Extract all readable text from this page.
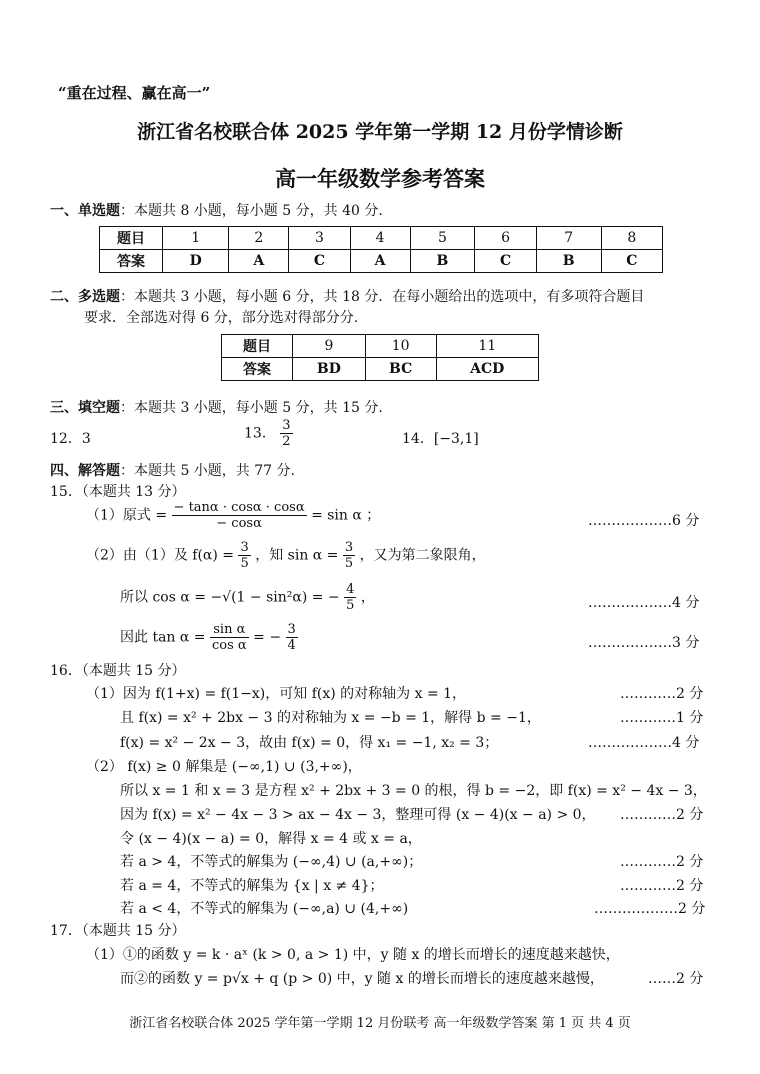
“重在过程、赢在高一”
浙江省名校联合体 2025 学年第一学期 12 月份学情诊断
高一年级数学参考答案
一、单选题：本题共 8 小题，每小题 5 分，共 40 分.
题目	1	2	3	4	5	6	7	8
答案	D	A	C	A	B	C	B	C
二、多选题：本题共 3 小题，每小题 6 分，共 18 分．在每小题给出的选项中，有多项符合题目
要求．全部选对得 6 分，部分选对得部分分.
题目	9	10	11
答案	BD	BC	ACD
三、填空题：本题共 3 小题，每小题 5 分，共 15 分.
12．3	13． $\frac{3}{2}$	14．[−3,1]
四、解答题：本题共 5 小题，共 77 分.
15．（本题共 13 分）
（1）原式 = $\frac{- \tan\alpha \cdot \cos\alpha \cdot \cos\alpha}{- \cos\alpha} = \sin \alpha$ ；	………………6 分
（2）由（1）及 $f(\alpha) = \frac{3}{5}$ ，知 $\sin \alpha = \frac{3}{5}$ ，又为第二象限角，
所以 cos α = −√(1 − sin²α) = − $\frac{4}{5}$ ，	………………4 分
因此 $\tan \alpha = \frac{\text{sin α}}{\text{cos α}}$ = − $\frac{3}{4}$	………………3 分
16．（本题共 15 分）
（1）因为 f(1+x) = f(1−x)，可知 f(x) 的对称轴为 x = 1，	…………2 分
且 f(x) = x² + 2bx − 3 的对称轴为 x = −b = 1，解得 b = −1，	…………1 分
f(x) = x² − 2x − 3，故由 f(x) = 0，得 x₁ = −1, x₂ = 3；	………………4 分
（2） f(x) ≥ 0 解集是 (−∞,1) ∪ (3,+∞)，
所以 x = 1 和 x = 3 是方程 x² + 2bx + 3 = 0 的根，得 b = −2，即 f(x) = x² − 4x − 3，
因为 f(x) = x² − 4x − 3 > ax − 4x − 3，整理可得 (x − 4)(x − a) > 0， …………2 分
令 (x − 4)(x − a) = 0，解得 x = 4 或 x = a，
若 a > 4，不等式的解集为 (−∞,4) ∪ (a,+∞)；	…………2 分
若 a = 4，不等式的解集为 {x | x ≠ 4}；	…………2 分
若 a < 4，不等式的解集为 (−∞,a) ∪ (4,+∞)	………………2 分
17．（本题共 15 分）
（1）①的函数 y = k · aˣ (k > 0, a > 1) 中，y 随 x 的增长而增长的速度越来越快，
而②的函数 y = p√x + q (p > 0) 中，y 随 x 的增长而增长的速度越来越慢，	……2 分
浙江省名校联合体 2025 学年第一学期 12 月份联考 高一年级数学答案 第 1 页 共 4 页
